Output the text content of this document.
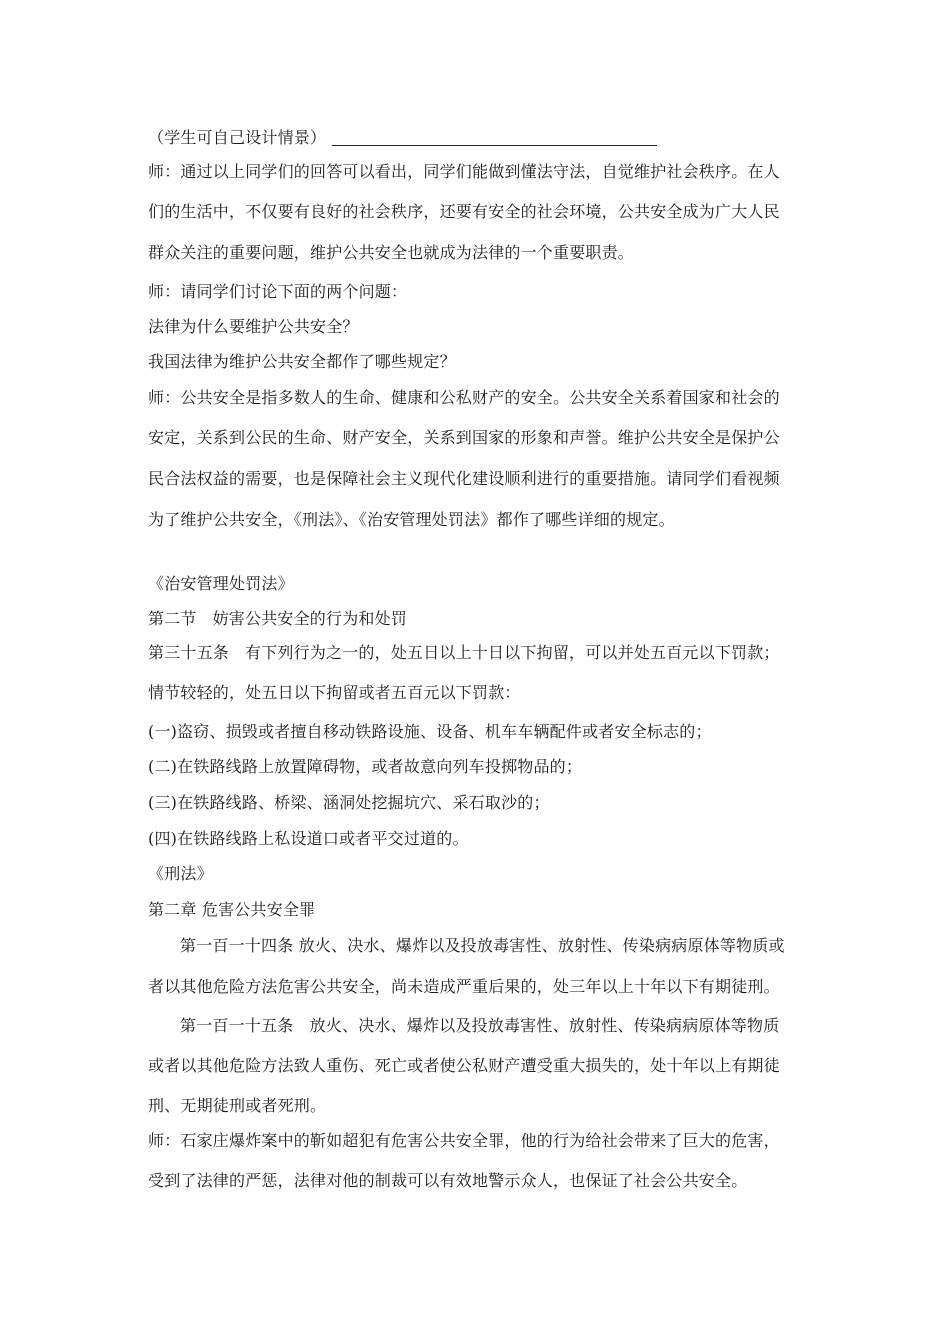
（学生可自己设计情景）
师：通过以上同学们的回答可以看出，同学们能做到懂法守法，自觉维护社会秩序。在人
们的生活中，不仅要有良好的社会秩序，还要有安全的社会环境，公共安全成为广大人民
群众关注的重要问题，维护公共安全也就成为法律的一个重要职责。
师：请同学们讨论下面的两个问题：
法律为什么要维护公共安全？
我国法律为维护公共安全都作了哪些规定？
师：公共安全是指多数人的生命、健康和公私财产的安全。公共安全关系着国家和社会的
安定，关系到公民的生命、财产安全，关系到国家的形象和声誉。维护公共安全是保护公
民合法权益的需要，也是保障社会主义现代化建设顺利进行的重要措施。请同学们看视频
为了维护公共安全，《刑法》、《治安管理处罚法》都作了哪些详细的规定。
《治安管理处罚法》
第二节 妨害公共安全的行为和处罚
第三十五条 有下列行为之一的，处五日以上十日以下拘留，可以并处五百元以下罚款；
情节较轻的，处五日以下拘留或者五百元以下罚款：
(一)盗窃、损毁或者擅自移动铁路设施、设备、机车车辆配件或者安全标志的；
(二)在铁路线路上放置障碍物，或者故意向列车投掷物品的；
(三)在铁路线路、桥梁、涵洞处挖掘坑穴、采石取沙的；
(四)在铁路线路上私设道口或者平交过道的。
《刑法》
第二章 危害公共安全罪
第一百一十四条 放火、决水、爆炸以及投放毒害性、放射性、传染病病原体等物质或
者以其他危险方法危害公共安全，尚未造成严重后果的，处三年以上十年以下有期徒刑。
第一百一十五条　放火、决水、爆炸以及投放毒害性、放射性、传染病病原体等物质
或者以其他危险方法致人重伤、死亡或者使公私财产遭受重大损失的，处十年以上有期徒
刑、无期徒刑或者死刑。
师：石家庄爆炸案中的靳如超犯有危害公共安全罪，他的行为给社会带来了巨大的危害，
受到了法律的严惩，法律对他的制裁可以有效地警示众人，也保证了社会公共安全。
